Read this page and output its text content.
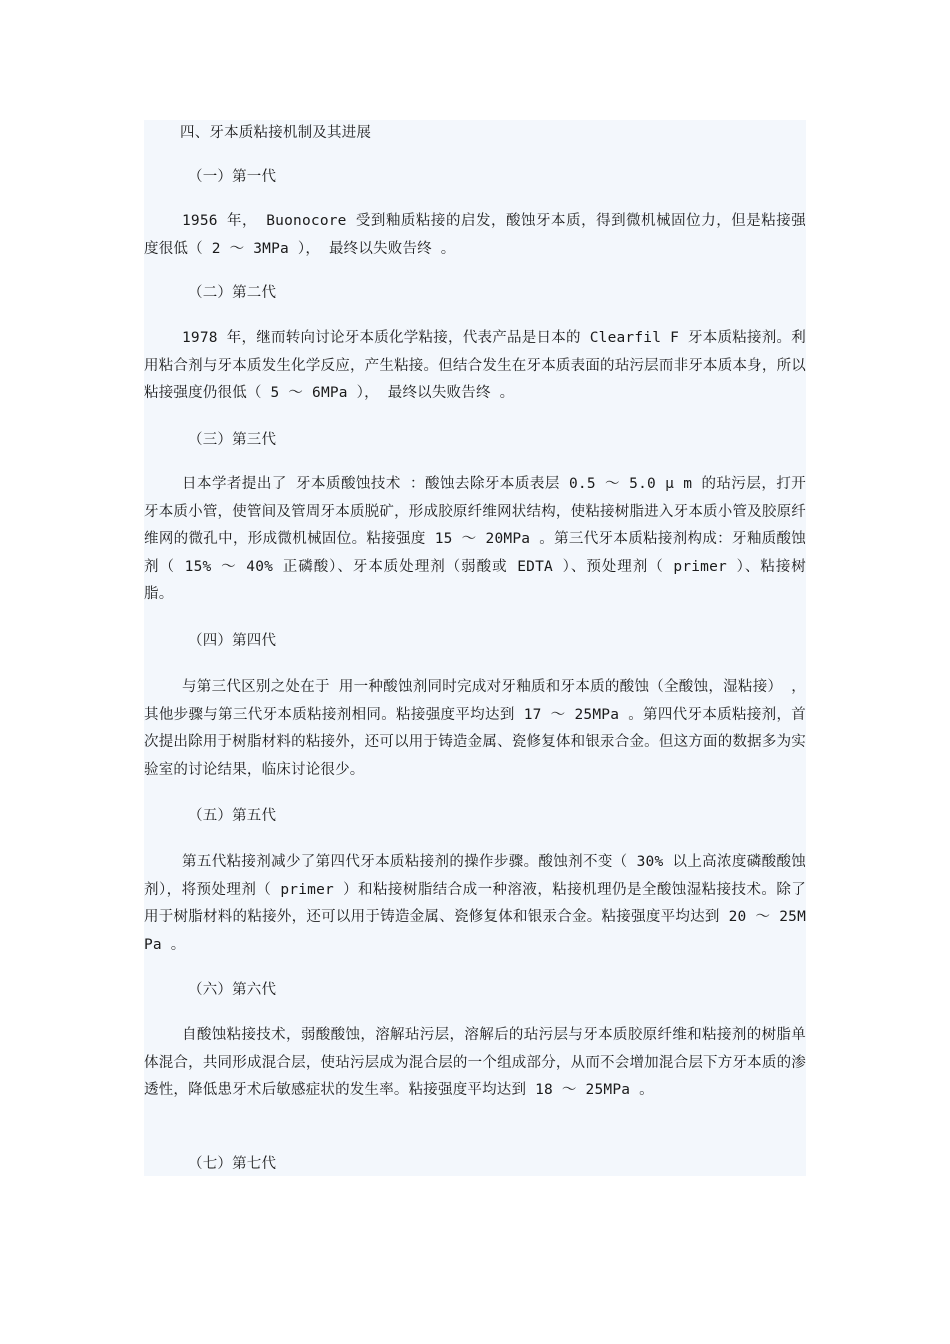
四、牙本质粘接机制及其进展

（一）第一代

1956 年， Buonocore 受到釉质粘接的启发，酸蚀牙本质，得到微机械固位力，但是粘接强度很低（ 2 ～ 3MPa ）， 最终以失败告终 。

（二）第二代

1978 年，继而转向讨论牙本质化学粘接，代表产品是日本的 Clearfil F 牙本质粘接剂。利用粘合剂与牙本质发生化学反应，产生粘接。但结合发生在牙本质表面的玷污层而非牙本质本身，所以粘接强度仍很低（ 5 ～ 6MPa ）， 最终以失败告终 。

（三）第三代

日本学者提出了 牙本质酸蚀技术 ：酸蚀去除牙本质表层 0.5 ～ 5.0 μ m 的玷污层，打开牙本质小管，使管间及管周牙本质脱矿，形成胶原纤维网状结构，使粘接树脂进入牙本质小管及胶原纤维网的微孔中，形成微机械固位。粘接强度 15 ～ 20MPa 。第三代牙本质粘接剂构成：牙釉质酸蚀剂（ 15% ～ 40% 正磷酸）、牙本质处理剂（弱酸或 EDTA ）、预处理剂（ primer ）、粘接树脂。

（四）第四代

与第三代区别之处在于 用一种酸蚀剂同时完成对牙釉质和牙本质的酸蚀（全酸蚀，湿粘接） ，其他步骤与第三代牙本质粘接剂相同。粘接强度平均达到 17 ～ 25MPa 。第四代牙本质粘接剂，首次提出除用于树脂材料的粘接外，还可以用于铸造金属、瓷修复体和银汞合金。但这方面的数据多为实验室的讨论结果，临床讨论很少。

（五）第五代

第五代粘接剂减少了第四代牙本质粘接剂的操作步骤。酸蚀剂不变（ 30% 以上高浓度磷酸酸蚀剂），将预处理剂（ primer ）和粘接树脂结合成一种溶液，粘接机理仍是全酸蚀湿粘接技术。除了用于树脂材料的粘接外，还可以用于铸造金属、瓷修复体和银汞合金。粘接强度平均达到 20 ～ 25MPa 。

（六）第六代

自酸蚀粘接技术，弱酸酸蚀，溶解玷污层，溶解后的玷污层与牙本质胶原纤维和粘接剂的树脂单体混合，共同形成混合层，使玷污层成为混合层的一个组成部分，从而不会增加混合层下方牙本质的渗透性，降低患牙术后敏感症状的发生率。粘接强度平均达到 18 ～ 25MPa 。

（七）第七代
